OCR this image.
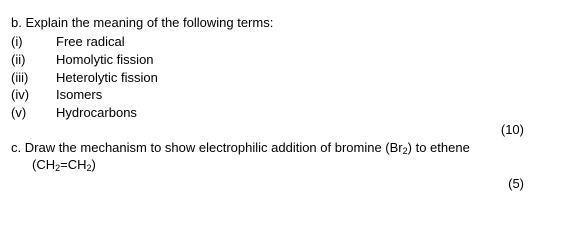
b. Explain the meaning of the following terms:
(i)	Free radical
(ii) Homolytic fission
(iii) Heterolytic fission
(iv) Isomers
(v) Hydrocarbons
(10)
c. Draw the mechanism to show electrophilic addition of bromine $(Br_2)$ to ethene
$(CH_2=CH_2)$
(5)
